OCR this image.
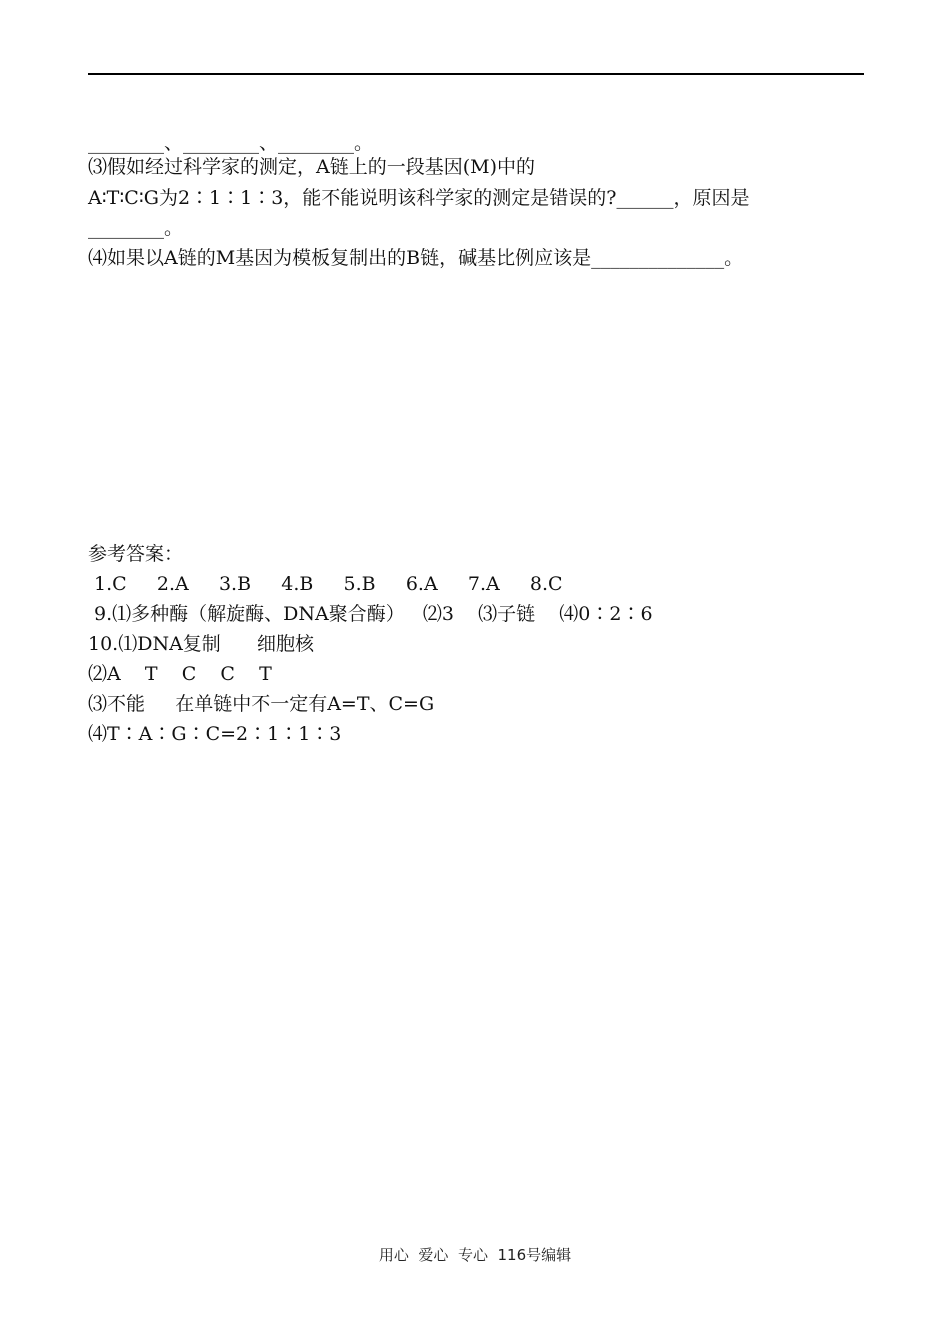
________、________、________。
⑶假如经过科学家的测定，A链上的一段基因(M)中的
A∶T∶C∶G为2∶1∶1∶3，能不能说明该科学家的测定是错误的?______，原因是
________。
⑷如果以A链的M基因为模板复制出的B链，碱基比例应该是______________。
参考答案：
1.C     2.A     3.B     4.B     5.B     6.A     7.A     8.C
9.⑴多种酶（解旋酶、DNA聚合酶）   ⑵3    ⑶子链    ⑷0∶2∶6
10.⑴DNA复制      细胞核
⑵A    T    C    C    T
⑶不能     在单链中不一定有A=T、C=G
⑷T∶A∶G∶C=2∶1∶1∶3
用心  爱心  专心  116号编辑
